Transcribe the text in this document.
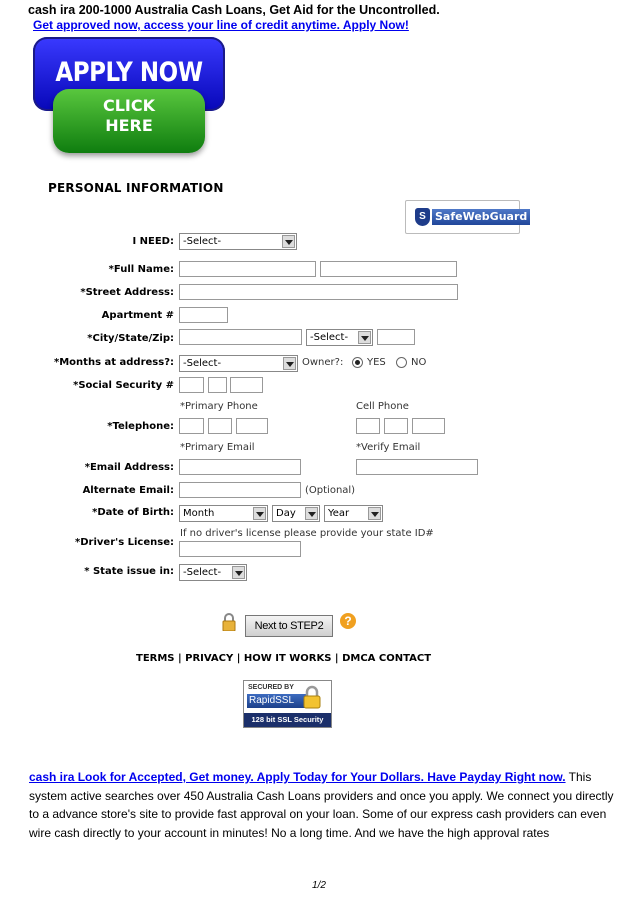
cash ira 200-1000 Australia Cash Loans, Get Aid for the Uncontrolled.
Get approved now, access your line of credit anytime. Apply Now!
APPLY NOW
CLICK
HERE
PERSONAL INFORMATION
S SafeWebGuard
I NEED: -Select-
*Full Name:
*Street Address:
Apartment #
*City/State/Zip:	-Select-
*Months at address?: -Select-	Owner?: YES	NO
*Social Security #
*Primary Phone	Cell Phone
*Telephone:
*Primary Email	*Verify Email
*Email Address:
Alternate Email:	(Optional)
*Date of Birth: Month	Day	Year
If no driver's license please provide your state ID#
*Driver's License:
* State issue in: -Select-
Next to STEP2	?
TERMS | PRIVACY | HOW IT WORKS | DMCA CONTACT
SECURED BY
RapidSSL
128 bit SSL Security
cash ira Look for Accepted, Get money. Apply Today for Your Dollars. Have Payday Right now. This system active searches over 450 Australia Cash Loans providers and once you apply. We connect you directly to a advance store's site to provide fast approval on your loan. Some of our express cash providers can even wire cash directly to your account in minutes! No a long time. And we have the high approval rates
1/2
